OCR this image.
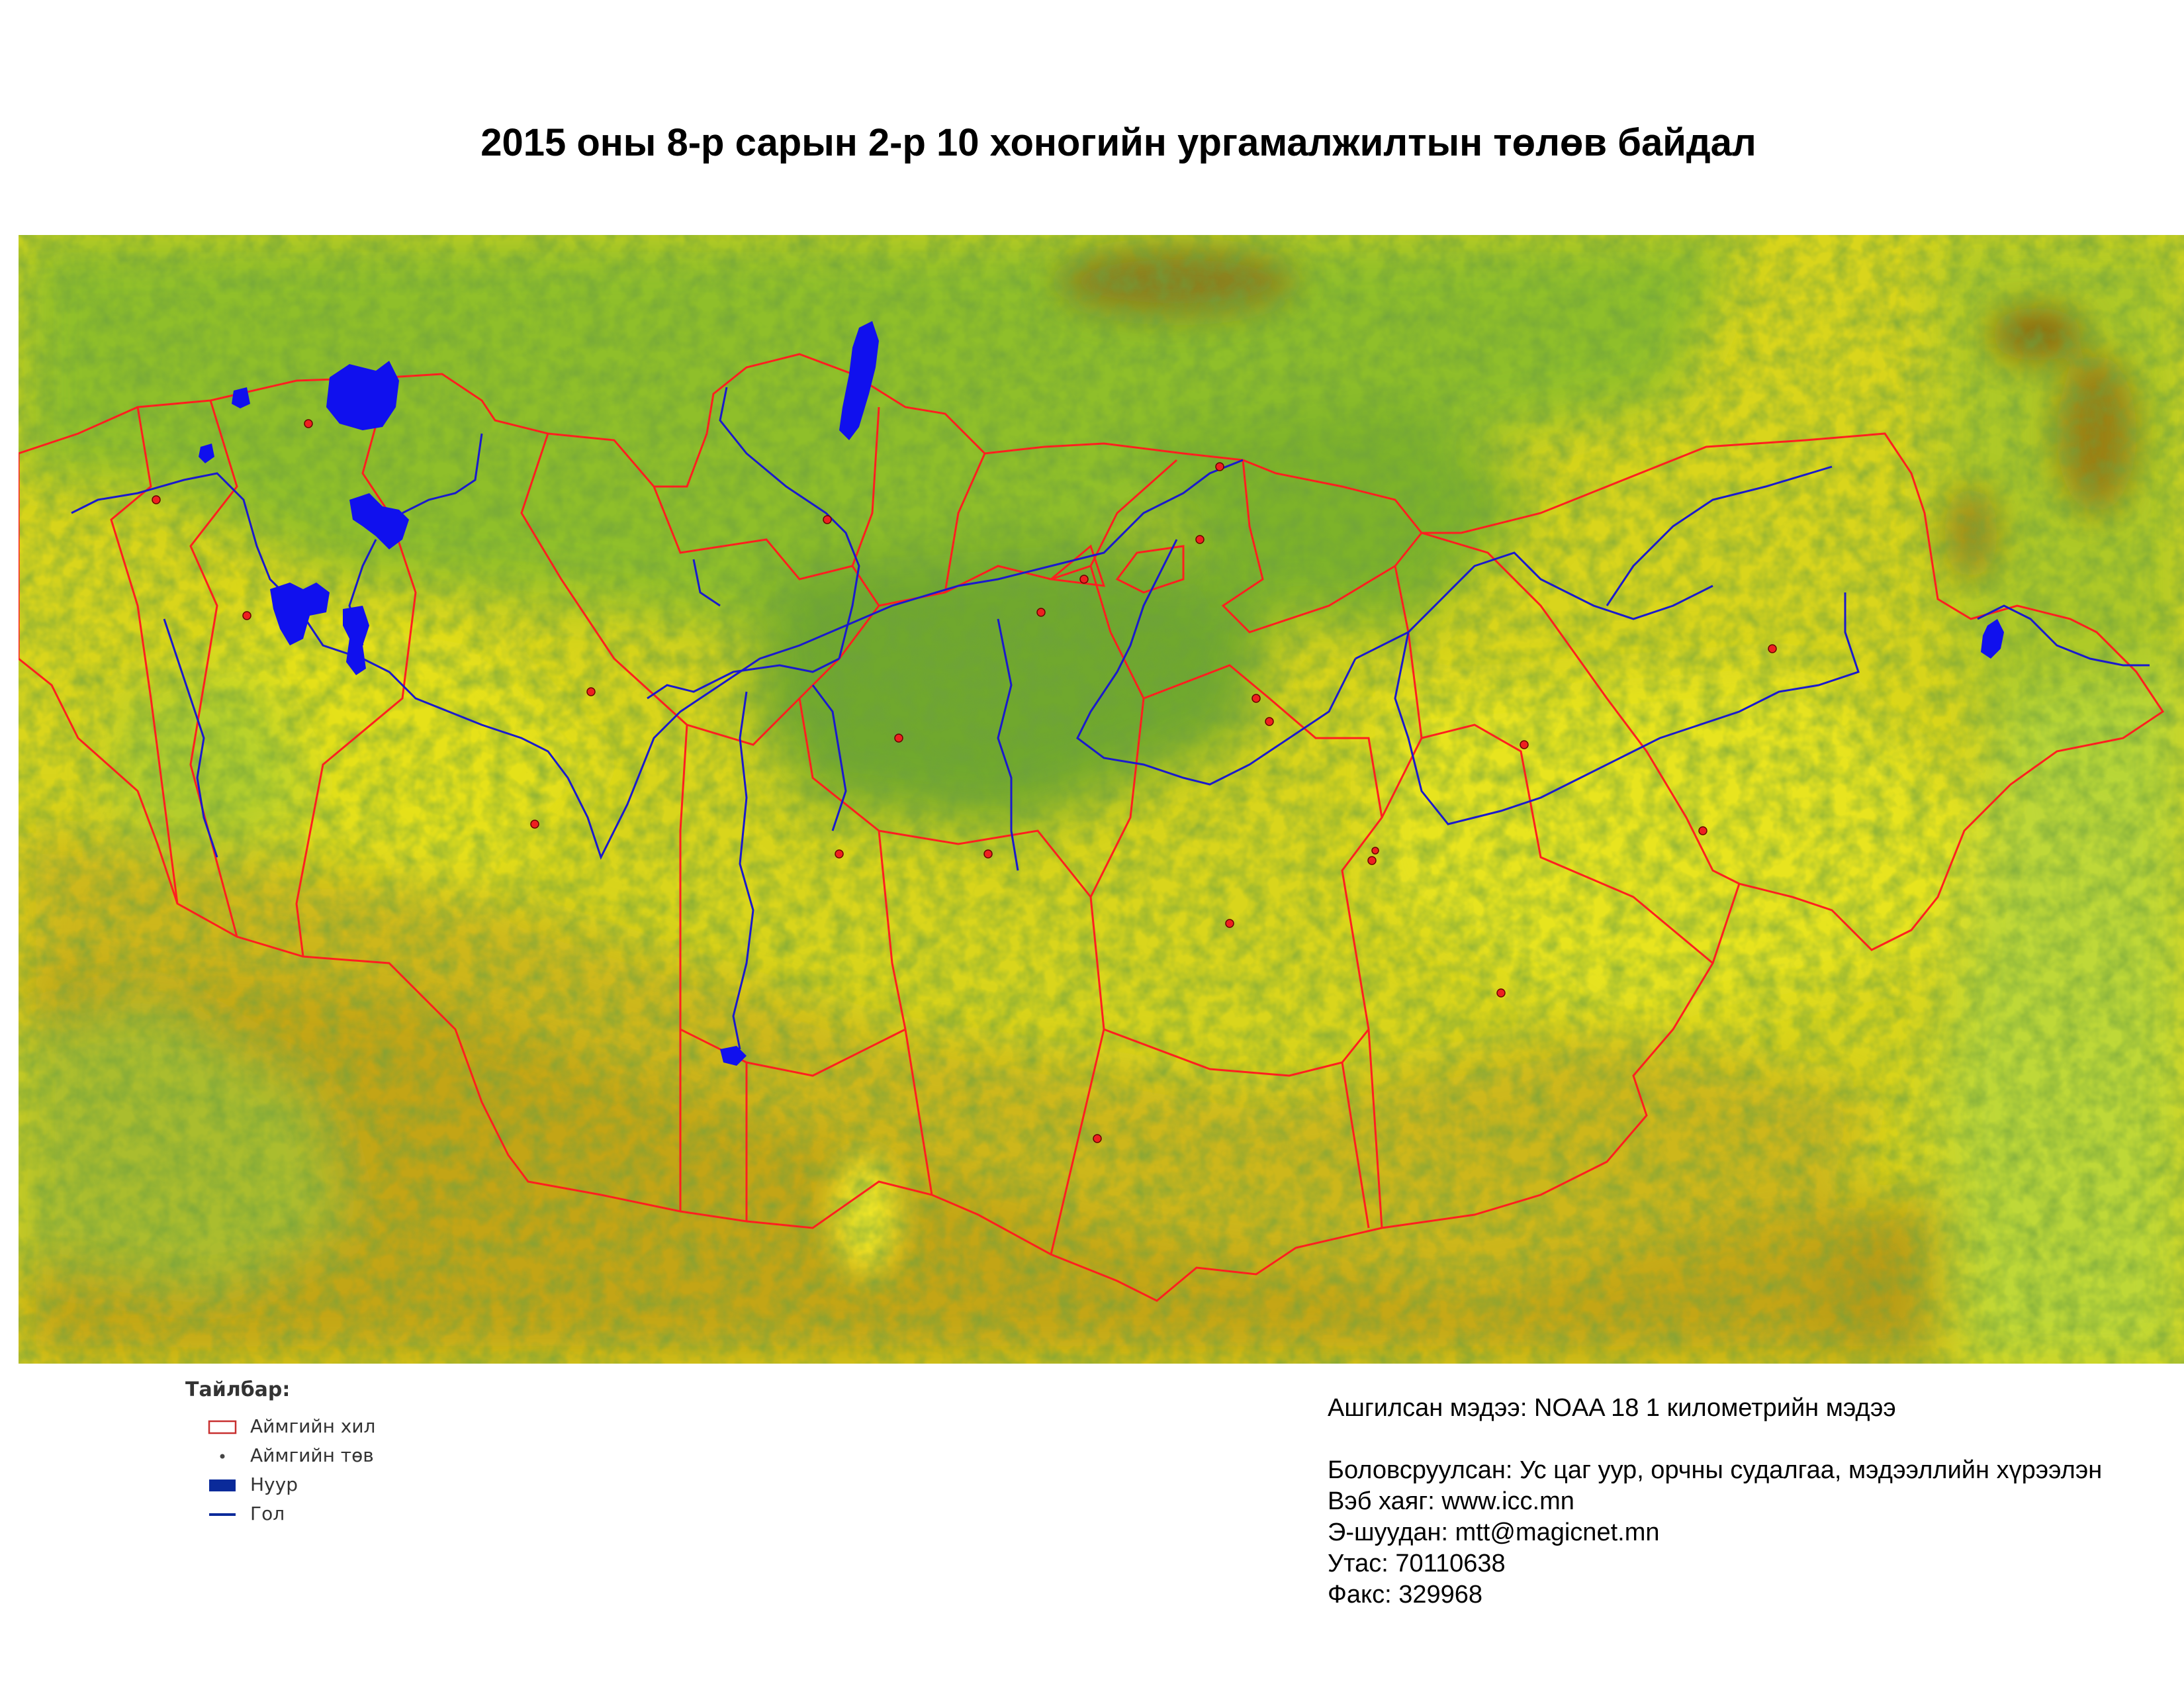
2015 оны 8-р сарын 2-р 10 хоногийн ургамалжилтын төлөв байдал
Тайлбар:
Аймгийн хил
Аймгийн төв
Нуур
Гол
Ашгилсан мэдээ: NOAA 18 1 километрийн мэдээ
Боловсруулсан: Ус цаг уур, орчны судалгаа, мэдээллийн хүрээлэн
Вэб хаяг: www.icc.mn
Э-шуудан: mtt@magicnet.mn
Утас: 70110638
Факс: 329968
